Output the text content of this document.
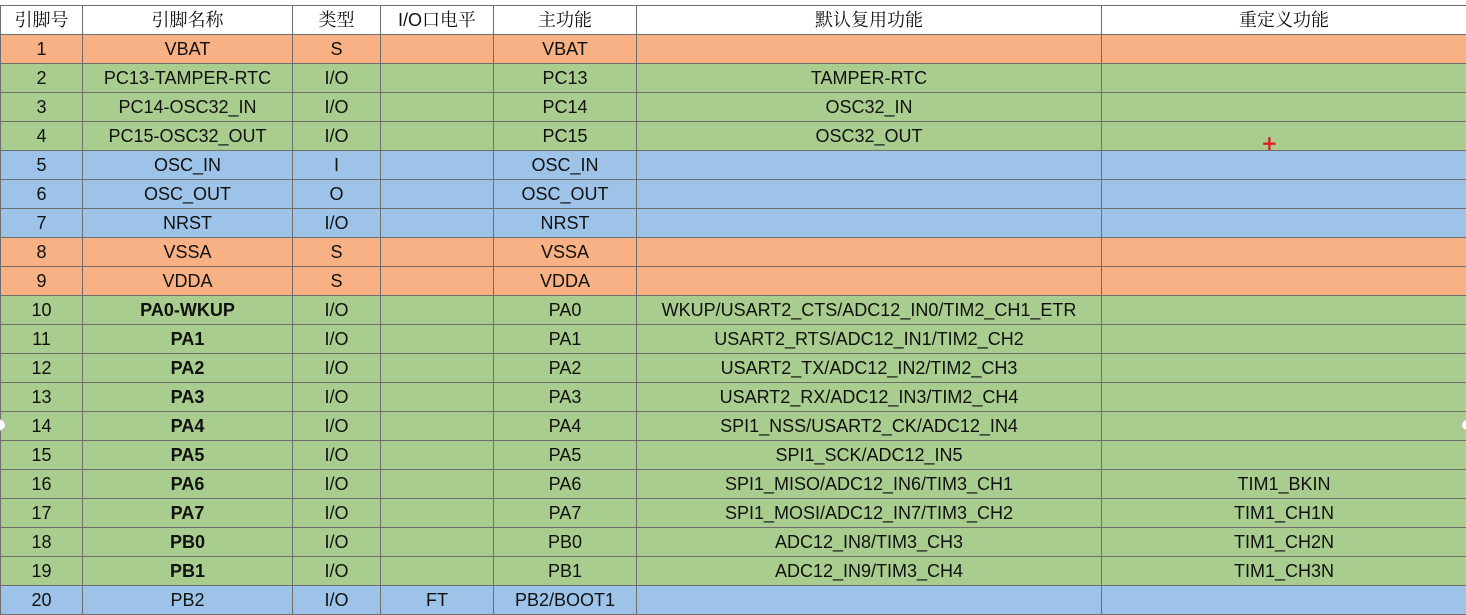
引脚号	引脚名称	类型	I/O口电平	主功能	默认复用功能	重定义功能
1	VBAT	S		VBAT		
2	PC13-TAMPER-RTC	I/O		PC13	TAMPER-RTC	
3	PC14-OSC32_IN	I/O		PC14	OSC32_IN	
4	PC15-OSC32_OUT	I/O		PC15	OSC32_OUT	
5	OSC_IN	I		OSC_IN		
6	OSC_OUT	O		OSC_OUT		
7	NRST	I/O		NRST		
8	VSSA	S		VSSA		
9	VDDA	S		VDDA		
10	PA0-WKUP	I/O		PA0	WKUP/USART2_CTS/ADC12_IN0/TIM2_CH1_ETR	
11	PA1	I/O		PA1	USART2_RTS/ADC12_IN1/TIM2_CH2	
12	PA2	I/O		PA2	USART2_TX/ADC12_IN2/TIM2_CH3	
13	PA3	I/O		PA3	USART2_RX/ADC12_IN3/TIM2_CH4	
14	PA4	I/O		PA4	SPI1_NSS/USART2_CK/ADC12_IN4	
15	PA5	I/O		PA5	SPI1_SCK/ADC12_IN5	
16	PA6	I/O		PA6	SPI1_MISO/ADC12_IN6/TIM3_CH1	TIM1_BKIN
17	PA7	I/O		PA7	SPI1_MOSI/ADC12_IN7/TIM3_CH2	TIM1_CH1N
18	PB0	I/O		PB0	ADC12_IN8/TIM3_CH3	TIM1_CH2N
19	PB1	I/O		PB1	ADC12_IN9/TIM3_CH4	TIM1_CH3N
20	PB2	I/O	FT	PB2/BOOT1		
+
